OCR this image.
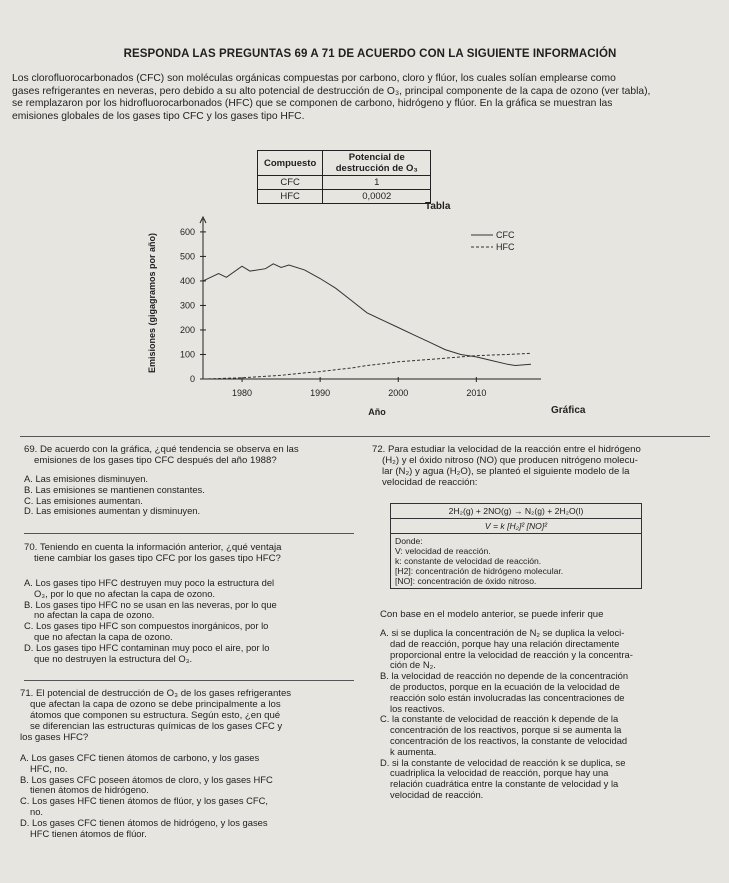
RESPONDA LAS PREGUNTAS 69 A 71 DE ACUERDO CON LA SIGUIENTE INFORMACIÓN
Los clorofluorocarbonados (CFC) son moléculas orgánicas compuestas por carbono, cloro y flúor, los cuales solían emplearse como
gases refrigerantes en neveras, pero debido a su alto potencial de destrucción de O₃, principal componente de la capa de ozono (ver tabla),
se remplazaron por los hidrofluorocarbonados (HFC) que se componen de carbono, hidrógeno y flúor. En la gráfica se muestran las
emisiones globales de los gases tipo CFC y los gases tipo HFC.
Compuesto	Potencial de destrucción de O₃
CFC	1
HFC	0,0002
Tabla
0
100
200
300
400
500
600
1980	1990	2000	2010
Emisiones (gigagramos por año)
Año	Gráfica
CFC
HFC
69. De acuerdo con la gráfica, ¿qué tendencia se observa en las
emisiones de los gases tipo CFC después del año 1988?
A. Las emisiones disminuyen.
B. Las emisiones se mantienen constantes.
C. Las emisiones aumentan.
D. Las emisiones aumentan y disminuyen.
70. Teniendo en cuenta la información anterior, ¿qué ventaja
tiene cambiar los gases tipo CFC por los gases tipo HFC?
A. Los gases tipo HFC destruyen muy poco la estructura del
O₃, por lo que no afectan la capa de ozono.
B. Los gases tipo HFC no se usan en las neveras, por lo que
no afectan la capa de ozono.
C. Los gases tipo HFC son compuestos inorgánicos, por lo
que no afectan la capa de ozono.
D. Los gases tipo HFC contaminan muy poco el aire, por lo
que no destruyen la estructura del O₃.
71. El potencial de destrucción de O₃ de los gases refrigerantes
que afectan la capa de ozono se debe principalmente a los
átomos que componen su estructura. Según esto, ¿en qué
se diferencian las estructuras químicas de los gases CFC y
los gases HFC?
A. Los gases CFC tienen átomos de carbono, y los gases
HFC, no.
B. Los gases CFC poseen átomos de cloro, y los gases HFC
tienen átomos de hidrógeno.
C. Los gases HFC tienen átomos de flúor, y los gases CFC,
no.
D. Los gases CFC tienen átomos de hidrógeno, y los gases
HFC tienen átomos de flúor.
72. Para estudiar la velocidad de la reacción entre el hidrógeno
(H₂) y el óxido nitroso (NO) que producen nitrógeno molecu-
lar (N₂) y agua (H₂O), se planteó el siguiente modelo de la
velocidad de reacción:
2H₂(g) + 2NO(g) → N₂(g) + 2H₂O(l)
V = k [H₂]² [NO]²
Donde:
V: velocidad de reacción.
k: constante de velocidad de reacción.
[H2]: concentración de hidrógeno molecular.
[NO]: concentración de óxido nitroso.
Con base en el modelo anterior, se puede inferir que
A. si se duplica la concentración de N₂ se duplica la veloci-
dad de reacción, porque hay una relación directamente
proporcional entre la velocidad de reacción y la concentra-
ción de N₂.
B. la velocidad de reacción no depende de la concentración
de productos, porque en la ecuación de la velocidad de
reacción solo están involucradas las concentraciones de
los reactivos.
C. la constante de velocidad de reacción k depende de la
concentración de los reactivos, porque si se aumenta la
concentración de los reactivos, la constante de velocidad
k aumenta.
D. si la constante de velocidad de reacción k se duplica, se
cuadriplica la velocidad de reacción, porque hay una
relación cuadrática entre la constante de velocidad y la
velocidad de reacción.
